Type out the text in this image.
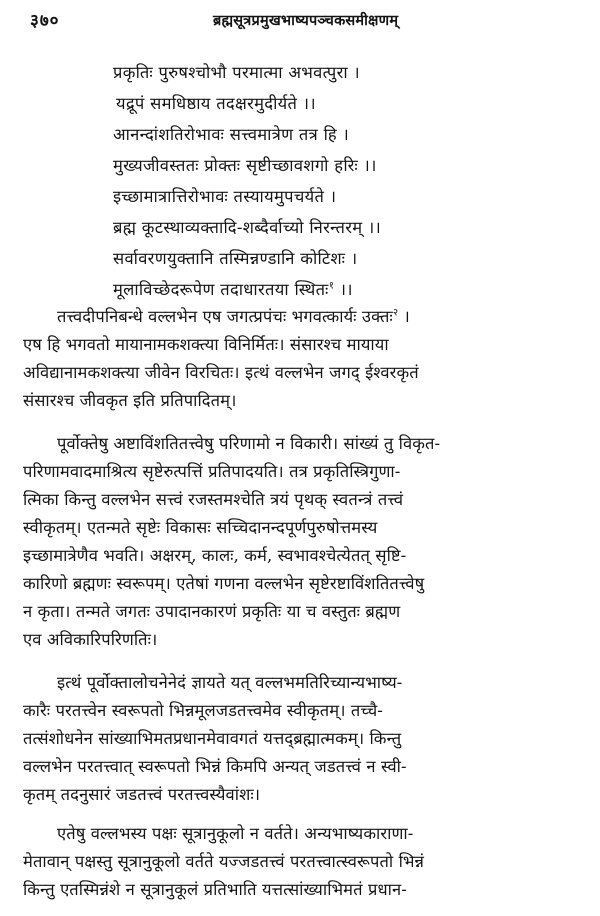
३७०	ब्रह्मसूत्रप्रमुखभाष्यपञ्चकसमीक्षणम्
प्रकृतिः पुरुषश्चोभौ परमात्मा अभवत्पुरा ।
यद्रूपं समधिष्ठाय तदक्षरमुदीर्यते ।।
आनन्दांशतिरोभावः सत्त्वमात्रेण तत्र हि ।
मुख्यजीवस्ततः प्रोक्तः सृष्टीच्छावशगो हरिः ।।
इच्छामात्रात्तिरोभावः तस्यायमुपचर्यते ।
ब्रह्म कूटस्थाव्यक्तादि-शब्दैर्वाच्यो निरन्तरम् ।।
सर्वावरणयुक्तानि तस्मिन्नण्डानि कोटिशः ।
मूलाविच्छेदरूपेण तदाधारतया स्थितः$^१$ ।।
तत्त्वदीपनिबन्धे वल्लभेन एष जगत्प्रपंचः भगवत्कार्यः उक्तः$^२$ ।
एष हि भगवतो मायानामकशक्त्या विनिर्मितः। संसारश्च मायाया
अविद्यानामकशक्त्या जीवेन विरचितः। इत्थं वल्लभेन जगद् ईश्वरकृतं
संसारश्च जीवकृत इति प्रतिपादितम्।
पूर्वोक्तेषु अष्टाविंशतितत्त्वेषु परिणामो न विकारी। सांख्यं तु विकृत-
परिणामवादमाश्रित्य सृष्टेरुत्पत्तिं प्रतिपादयति। तत्र प्रकृतिस्त्रिगुणा-
त्मिका किन्तु वल्लभेन सत्त्वं रजस्तमश्चेति त्रयं पृथक् स्वतन्त्रं तत्त्वं
स्वीकृतम्। एतन्मते सृष्टेः विकासः सच्चिदानन्दपूर्णपुरुषोत्तमस्य
इच्छामात्रेणैव भवति। अक्षरम्, कालः, कर्म, स्वभावश्चेत्येतत् सृष्टि-
कारिणो ब्रह्मणः स्वरूपम्। एतेषां गणना वल्लभेन सृष्टेरष्टाविंशतितत्त्वेषु
न कृता। तन्मते जगतः उपादानकारणं प्रकृतिः या च वस्तुतः ब्रह्मण
एव अविकारिपरिणतिः।
इत्थं पूर्वोक्तालोचनेनेदं ज्ञायते यत् वल्लभमतिरिच्यान्यभाष्य-
कारैः परतत्त्वेन स्वरूपतो भिन्नमूलजडतत्त्वमेव स्वीकृतम्। तच्चै-
तत्संशोधनेन सांख्याभिमतप्रधानमेवावगतं यत्तद्ब्रह्मात्मकम्। किन्तु
वल्लभेन परतत्त्वात् स्वरूपतो भिन्नं किमपि अन्यत् जडतत्त्वं न स्वी-
कृतम् तदनुसारं जडतत्त्वं परतत्त्वस्यैवांशः।
एतेषु वल्लभस्य पक्षः सूत्रानुकूलो न वर्तते। अन्यभाष्यकाराणा-
मेतावान् पक्षस्तु सूत्रानुकूलो वर्तते यज्जडतत्त्वं परतत्त्वात्स्वरूपतो भिन्नं
किन्तु एतस्मिन्नंशे न सूत्रानुकूलं प्रतिभाति यत्तत्सांख्याभिमतं प्रधान-
